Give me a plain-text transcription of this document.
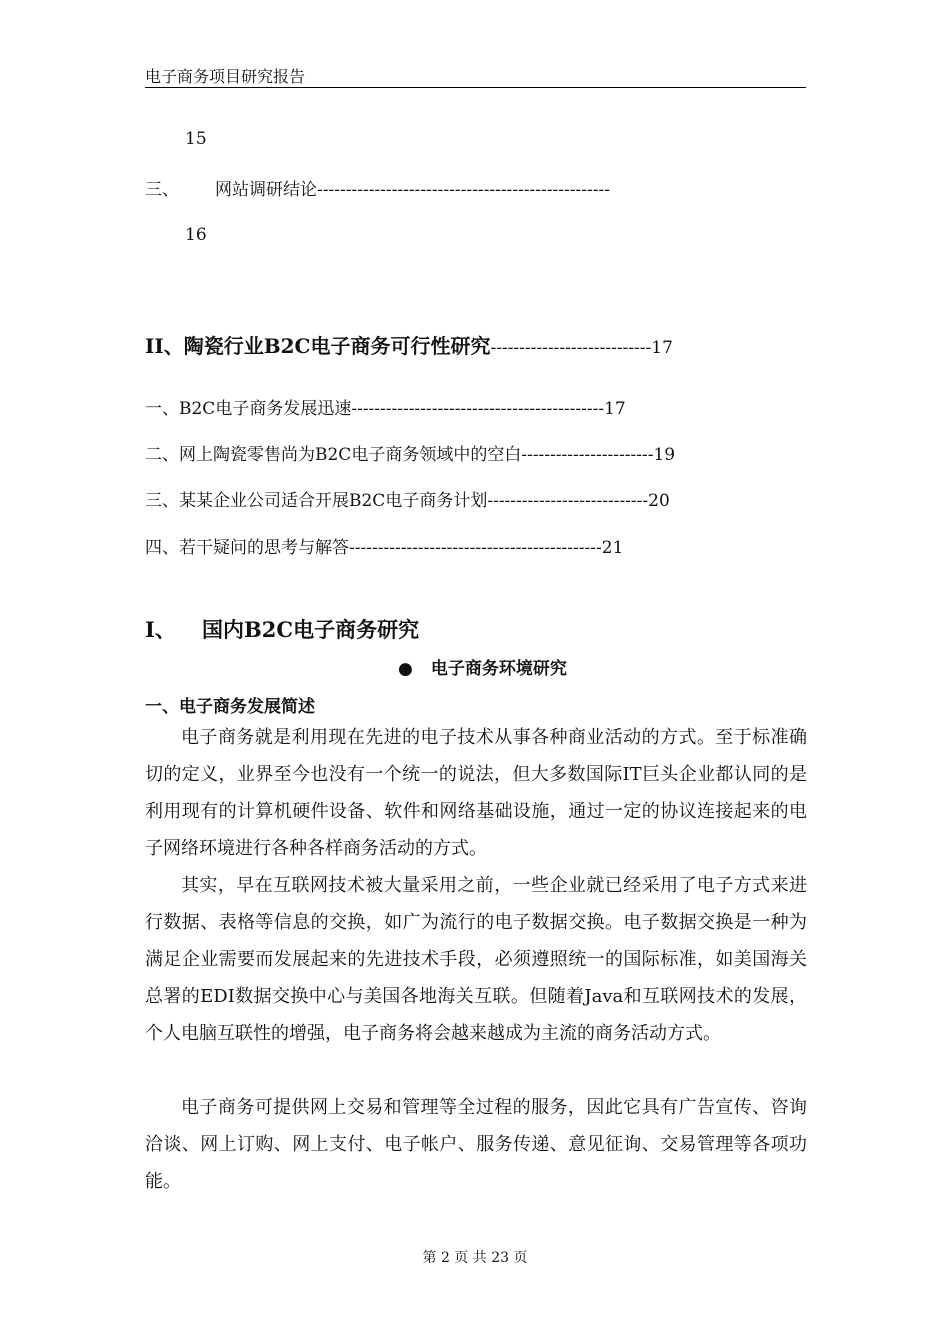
电子商务项目研究报告
15
三、 网站调研结论---------------------------------------------------
16
II、陶瓷行业B2C电子商务可行性研究----------------------------17
一、B2C电子商务发展迅速--------------------------------------------17
二、网上陶瓷零售尚为B2C电子商务领域中的空白-----------------------19
三、某某企业公司适合开展B2C电子商务计划----------------------------20
四、若干疑问的思考与解答--------------------------------------------21
I、 国内B2C电子商务研究
● 电子商务环境研究
一、电子商务发展简述
电子商务就是利用现在先进的电子技术从事各种商业活动的方式。至于标准确切的定义，业界至今也没有一个统一的说法，但大多数国际IT巨头企业都认同的是利用现有的计算机硬件设备、软件和网络基础设施，通过一定的协议连接起来的电子网络环境进行各种各样商务活动的方式。
其实，早在互联网技术被大量采用之前，一些企业就已经采用了电子方式来进行数据、表格等信息的交换，如广为流行的电子数据交换。电子数据交换是一种为满足企业需要而发展起来的先进技术手段，必须遵照统一的国际标准，如美国海关总署的EDI数据交换中心与美国各地海关互联。但随着Java和互联网技术的发展，个人电脑互联性的增强，电子商务将会越来越成为主流的商务活动方式。
电子商务可提供网上交易和管理等全过程的服务，因此它具有广告宣传、咨询洽谈、网上订购、网上支付、电子帐户、服务传递、意见征询、交易管理等各项功能。
第 2 页 共 23 页
